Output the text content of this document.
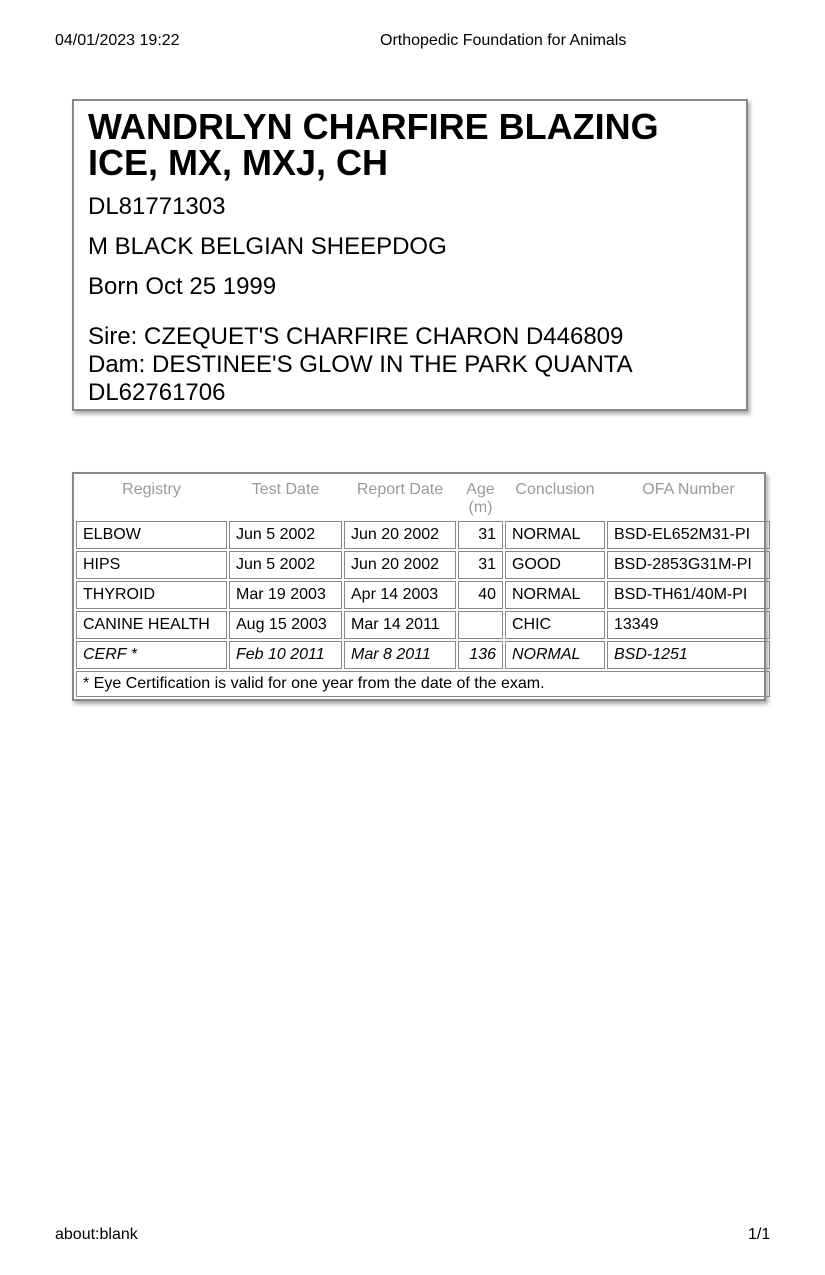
04/01/2023 19:22	Orthopedic Foundation for Animals
WANDRLYN CHARFIRE BLAZING ICE, MX, MXJ, CH
DL81771303
M BLACK BELGIAN SHEEPDOG
Born Oct 25 1999
Sire: CZEQUET'S CHARFIRE CHARON D446809
Dam: DESTINEE'S GLOW IN THE PARK QUANTA DL62761706
Registry	Test Date	Report Date	Age (m)	Conclusion	OFA Number
ELBOW	Jun 5 2002	Jun 20 2002	31	NORMAL	BSD-EL652M31-PI
HIPS	Jun 5 2002	Jun 20 2002	31	GOOD	BSD-2853G31M-PI
THYROID	Mar 19 2003	Apr 14 2003	40	NORMAL	BSD-TH61/40M-PI
CANINE HEALTH	Aug 15 2003	Mar 14 2011		CHIC	13349
CERF *	Feb 10 2011	Mar 8 2011	136	NORMAL	BSD-1251
* Eye Certification is valid for one year from the date of the exam.					
about:blank	1/1
